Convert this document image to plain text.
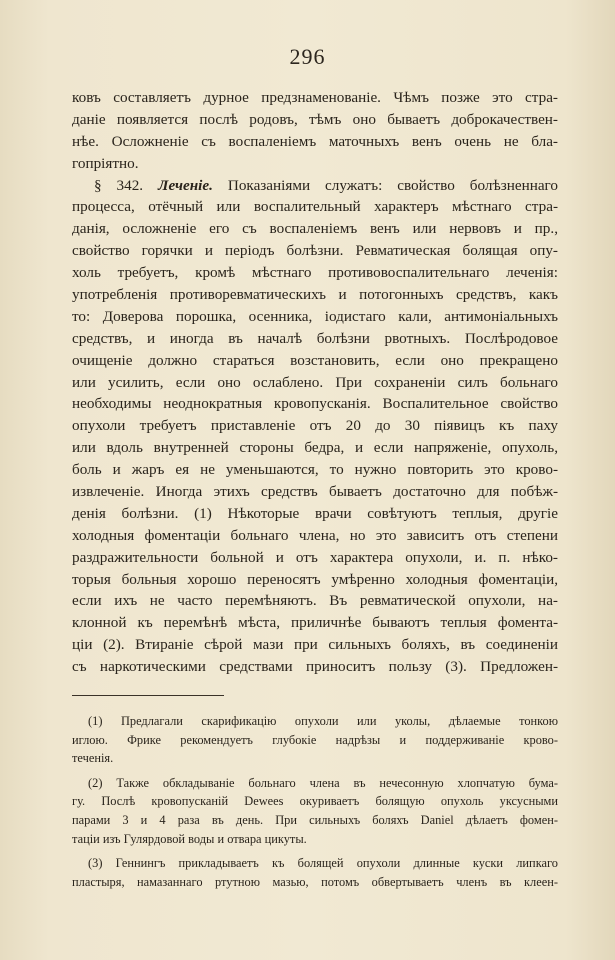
296
ковъ составляетъ дурное предзнаменованіе. Чѣмъ позже это стра-
даніе появляется послѣ родовъ, тѣмъ оно бываетъ доброкачествен-
нѣе. Осложненіе съ воспаленіемъ маточныхъ венъ очень не бла-
гопріятно.
§ 342. Леченіе. Показаніями служатъ: свойство болѣзненнаго
процесса, отёчный или воспалительный характеръ мѣстнаго стра-
данія, осложненіе его съ воспаленіемъ венъ или нервовъ и пр.,
свойство горячки и періодъ болѣзни. Ревматическая болящая опу-
холь требуетъ, кромѣ мѣстнаго противовоспалительнаго леченія:
употребленія противоревматическихъ и потогонныхъ средствъ, какъ
то: Доверова порошка, осенника, іодистаго кали, антимоніальныхъ
средствъ, и иногда въ началѣ болѣзни рвотныхъ. Послѣродовое
очищеніе должно стараться возстановить, если оно прекращено
или усилить, если оно ослаблено. При сохраненіи силъ больнаго
необходимы неоднократныя кровопусканія. Воспалительное свойство
опухоли требуетъ приставленіе отъ 20 до 30 піявицъ къ паху
или вдоль внутренней стороны бедра, и если напряженіе, опухоль,
боль и жаръ ея не уменьшаются, то нужно повторить это крово-
извлеченіе. Иногда этихъ средствъ бываетъ достаточно для побѣж-
денія болѣзни. (1) Нѣкоторые врачи совѣтуютъ теплыя, другіе
холодныя фоментаціи больнаго члена, но это зависитъ отъ степени
раздражительности больной и отъ характера опухоли, и. п. нѣко-
торыя больныя хорошо переносятъ умѣренно холодныя фоментаціи,
если ихъ не часто перемѣняютъ. Въ ревматической опухоли, на-
клонной къ перемѣнѣ мѣста, приличнѣе бываютъ теплыя фомента-
ціи (2). Втираніе сѣрой мази при сильныхъ боляхъ, въ соединеніи
съ наркотическими средствами приноситъ пользу (3). Предложен-
(1) Предлагали скарификацію опухоли или уколы, дѣлаемые тонкою
иглою. Фрике рекомендуетъ глубокіе надрѣзы и поддерживаніе крово-
теченія.
(2) Также обкладываніе больнаго члена въ нечесонную хлопчатую бума-
гу. Послѣ кровопусканій Dewees окуриваетъ болящую опухоль уксусными
парами 3 и 4 раза въ день. При сильныхъ боляхъ Daniel дѣлаетъ фомен-
таціи изъ Гулярдовой воды и отвара цикуты.
(3) Геннингъ прикладываетъ къ болящей опухоли длинные куски липкаго
пластыря, намазаннаго ртутною мазью, потомъ обвертываетъ членъ въ клеен-
